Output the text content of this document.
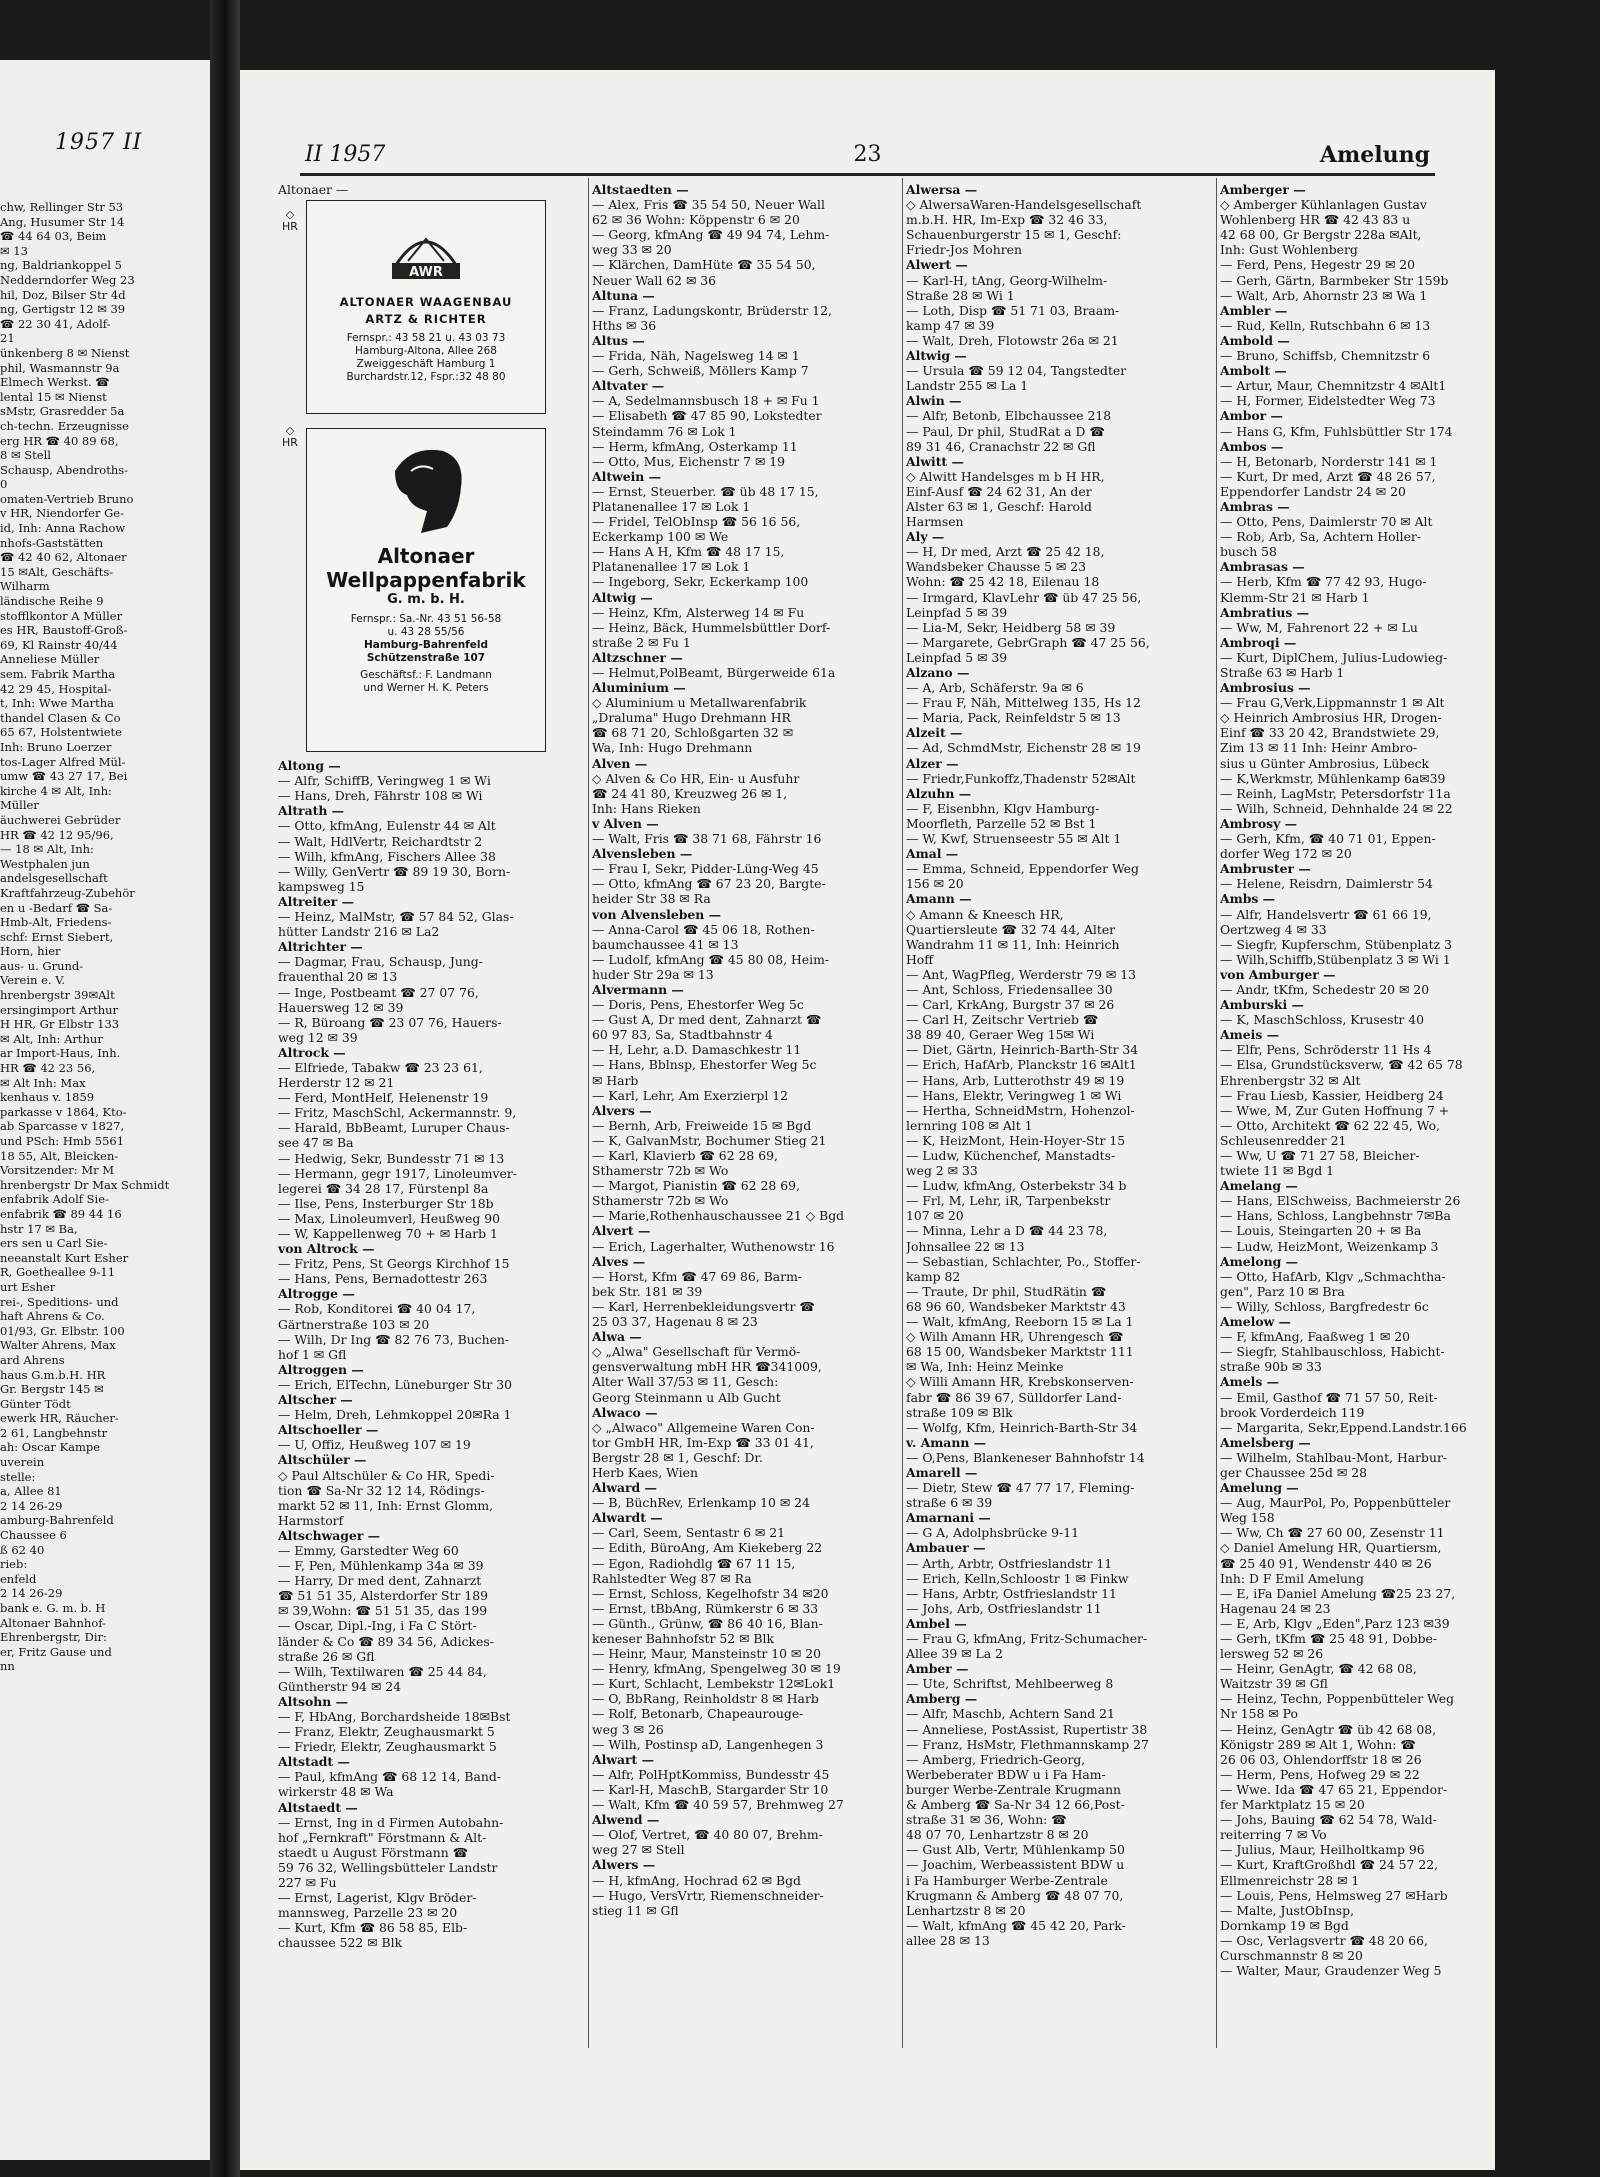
1957 II
chw, Rellinger Str 53
Ang, Husumer Str 14
☎ 44 64 03, Beim
✉ 13
ng, Baldriankoppel 5
Nedderndorfer Weg 23
hil, Doz, Bilser Str 4d
ng, Gertigstr 12 ✉ 39
☎ 22 30 41, Adolf-
21
ünkenberg 8 ✉ Nienst
phil, Wasmannstr 9a
Elmech Werkst. ☎
lental 15 ✉ Nienst
sMstr, Grasredder 5a
ch-techn. Erzeugnisse
erg HR ☎ 40 89 68,
8 ✉ Stell
Schausp, Abendroths-
0
omaten-Vertrieb Bruno
v HR, Niendorfer Ge-
id, Inh: Anna Rachow
nhofs-Gaststätten
☎ 42 40 62, Altonaer
15 ✉Alt, Geschäfts-
Wilharm
ländische Reihe 9
stofflkontor A Müller
es HR, Baustoff-Groß-
69, Kl Rainstr 40/44
Anneliese Müller
sem. Fabrik Martha
42 29 45, Hospital-
t, Inh: Wwe Martha
thandel Clasen & Co
65 67, Holstentwiete
Inh: Bruno Loerzer
tos-Lager Alfred Mül-
umw ☎ 43 27 17, Bei
kirche 4 ✉ Alt, Inh:
Müller
äuchwerei Gebrüder
HR ☎ 42 12 95/96,
— 18 ✉ Alt, Inh:
Westphalen jun
andelsgesellschaft
Kraftfahrzeug-Zubehör
en u -Bedarf ☎ Sa-
Hmb-Alt, Friedens-
schf: Ernst Siebert,
Horn, hier
aus- u. Grund-
Verein e. V.
hrenbergstr 39✉Alt
ersingimport Arthur
H HR, Gr Elbstr 133
✉ Alt, Inh: Arthur
ar Import-Haus, Inh.
HR ☎ 42 23 56,
✉ Alt Inh: Max
kenhaus v. 1859
parkasse v 1864, Kto-
ab Sparcasse v 1827,
und PSch: Hmb 5561
18 55, Alt, Bleicken-
Vorsitzender: Mr M
hrenbergstr Dr Max Schmidt
enfabrik Adolf Sie-
enfabrik ☎ 89 44 16
hstr 17 ✉ Ba,
ers sen u Carl Sie-
neeanstalt Kurt Esher
R, Goetheallee 9-11
urt Esher
rei-, Speditions- und
haft Ahrens & Co.
01/93, Gr. Elbstr. 100
Walter Ahrens, Max
ard Ahrens
haus G.m.b.H. HR
Gr. Bergstr 145 ✉
Günter Tödt
ewerk HR, Räucher-
2 61, Langbehnstr
ah: Oscar Kampe
uverein
stelle:
a, Allee 81
2 14 26-29
amburg-Bahrenfeld
Chaussee 6
ß 62 40
rieb:
enfeld
2 14 26-29
bank e. G. m. b. H
Altonaer Bahnhof-
Ehrenbergstr, Dir:
er, Fritz Gause und
nn
II 1957	23	Amelung
Altonaer —
◇
HR
AWR
ALTONAER WAAGENBAU
ARTZ & RICHTER
Fernspr.: 43 58 21 u. 43 03 73
Hamburg-Altona, Allee 268
Zweiggeschäft Hamburg 1
Burchardstr.12, Fspr.:32 48 80
◇
HR
Altonaer
Wellpappenfabrik
G. m. b. H.
Fernspr.: Sa.-Nr. 43 51 56-58
u. 43 28 55/56
Hamburg-Bahrenfeld
Schützenstraße 107
Geschäftsf.: F. Landmann
und Werner H. K. Peters
Altong —
— Alfr, SchiffB, Veringweg 1 ✉ Wi
— Hans, Dreh, Fährstr 108 ✉ Wi
Altrath —
— Otto, kfmAng, Eulenstr 44 ✉ Alt
— Walt, HdlVertr, Reichardtstr 2
— Wilh, kfmAng, Fischers Allee 38
— Willy, GenVertr ☎ 89 19 30, Born-
kampsweg 15
Altreiter —
— Heinz, MalMstr, ☎ 57 84 52, Glas-
hütter Landstr 216 ✉ La2
Altrichter —
— Dagmar, Frau, Schausp, Jung-
frauenthal 20 ✉ 13
— Inge, Postbeamt ☎ 27 07 76,
Hauersweg 12 ✉ 39
— R, Büroang ☎ 23 07 76, Hauers-
weg 12 ✉ 39
Altrock —
— Elfriede, Tabakw ☎ 23 23 61,
Herderstr 12 ✉ 21
— Ferd, MontHelf, Helenenstr 19
— Fritz, MaschSchl, Ackermannstr. 9,
— Harald, BbBeamt, Luruper Chaus-
see 47 ✉ Ba
— Hedwig, Sekr, Bundesstr 71 ✉ 13
— Hermann, gegr 1917, Linoleumver-
legerei ☎ 34 28 17, Fürstenpl 8a
— Ilse, Pens, Insterburger Str 18b
— Max, Linoleumverl, Heußweg 90
— W, Kappellenweg 70 + ✉ Harb 1
von Altrock —
— Fritz, Pens, St Georgs Kirchhof 15
— Hans, Pens, Bernadottestr 263
Altrogge —
— Rob, Konditorei ☎ 40 04 17,
Gärtnerstraße 103 ✉ 20
— Wilh, Dr Ing ☎ 82 76 73, Buchen-
hof 1 ✉ Gfl
Altroggen —
— Erich, ElTechn, Lüneburger Str 30
Altscher —
— Helm, Dreh, Lehmkoppel 20✉Ra 1
Altschoeller —
— U, Offiz, Heußweg 107 ✉ 19
Altschüler —
◇ Paul Altschüler & Co HR, Spedi-
tion ☎ Sa-Nr 32 12 14, Rödings-
markt 52 ✉ 11, Inh: Ernst Glomm,
Harmstorf
Altschwager —
— Emmy, Garstedter Weg 60
— F, Pen, Mühlenkamp 34a ✉ 39
— Harry, Dr med dent, Zahnarzt
☎ 51 51 35, Alsterdorfer Str 189
✉ 39,Wohn: ☎ 51 51 35, das 199
— Oscar, Dipl.-Ing, i Fa C Stört-
länder & Co ☎ 89 34 56, Adickes-
straße 26 ✉ Gfl
— Wilh, Textilwaren ☎ 25 44 84,
Güntherstr 94 ✉ 24
Altsohn —
— F, HbAng, Borchardsheide 18✉Bst
— Franz, Elektr, Zeughausmarkt 5
— Friedr, Elektr, Zeughausmarkt 5
Altstadt —
— Paul, kfmAng ☎ 68 12 14, Band-
wirkerstr 48 ✉ Wa
Altstaedt —
— Ernst, Ing in d Firmen Autobahn-
hof „Fernkraft" Förstmann & Alt-
staedt u August Förstmann ☎
59 76 32, Wellingsbütteler Landstr
227 ✉ Fu
— Ernst, Lagerist, Klgv Bröder-
mannsweg, Parzelle 23 ✉ 20
— Kurt, Kfm ☎ 86 58 85, Elb-
chaussee 522 ✉ Blk
Altstaedten —
— Alex, Fris ☎ 35 54 50, Neuer Wall
62 ✉ 36 Wohn: Köppenstr 6 ✉ 20
— Georg, kfmAng ☎ 49 94 74, Lehm-
weg 33 ✉ 20
— Klärchen, DamHüte ☎ 35 54 50,
Neuer Wall 62 ✉ 36
Altuna —
— Franz, Ladungskontr, Brüderstr 12,
Hths ✉ 36
Altus —
— Frida, Näh, Nagelsweg 14 ✉ 1
— Gerh, Schweiß, Möllers Kamp 7
Altvater —
— A, Sedelmannsbusch 18 + ✉ Fu 1
— Elisabeth ☎ 47 85 90, Lokstedter
Steindamm 76 ✉ Lok 1
— Herm, kfmAng, Osterkamp 11
— Otto, Mus, Eichenstr 7 ✉ 19
Altwein —
— Ernst, Steuerber. ☎ üb 48 17 15,
Platanenallee 17 ✉ Lok 1
— Fridel, TelObInsp ☎ 56 16 56,
Eckerkamp 100 ✉ We
— Hans A H, Kfm ☎ 48 17 15,
Platanenallee 17 ✉ Lok 1
— Ingeborg, Sekr, Eckerkamp 100
Altwig —
— Heinz, Kfm, Alsterweg 14 ✉ Fu
— Heinz, Bäck, Hummelsbüttler Dorf-
straße 2 ✉ Fu 1
Altzschner —
— Helmut,PolBeamt, Bürgerweide 61a
Aluminium —
◇ Aluminium u Metallwarenfabrik
„Draluma" Hugo Drehmann HR
☎ 68 71 20, Schloßgarten 32 ✉
Wa, Inh: Hugo Drehmann
Alven —
◇ Alven & Co HR, Ein- u Ausfuhr
☎ 24 41 80, Kreuzweg 26 ✉ 1,
Inh: Hans Rieken
v Alven —
— Walt, Fris ☎ 38 71 68, Fährstr 16
Alvensleben —
— Frau I, Sekr, Pidder-Lüng-Weg 45
— Otto, kfmAng ☎ 67 23 20, Bargte-
heider Str 38 ✉ Ra
von Alvensleben —
— Anna-Carol ☎ 45 06 18, Rothen-
baumchaussee 41 ✉ 13
— Ludolf, kfmAng ☎ 45 80 08, Heim-
huder Str 29a ✉ 13
Alvermann —
— Doris, Pens, Ehestorfer Weg 5c
— Gust A, Dr med dent, Zahnarzt ☎
60 97 83, Sa, Stadtbahnstr 4
— H, Lehr, a.D. Damaschkestr 11
— Hans, Bblnsp, Ehestorfer Weg 5c
✉ Harb
— Karl, Lehr, Am Exerzierpl 12
Alvers —
— Bernh, Arb, Freiweide 15 ✉ Bgd
— K, GalvanMstr, Bochumer Stieg 21
— Karl, Klavierb ☎ 62 28 69,
Sthamerstr 72b ✉ Wo
— Margot, Pianistin ☎ 62 28 69,
Sthamerstr 72b ✉ Wo
— Marie,Rothenhauschaussee 21 ◇ Bgd
Alvert —
— Erich, Lagerhalter, Wuthenowstr 16
Alves —
— Horst, Kfm ☎ 47 69 86, Barm-
bek Str. 181 ✉ 39
— Karl, Herrenbekleidungsvertr ☎
25 03 37, Hagenau 8 ✉ 23
Alwa —
◇ „Alwa" Gesellschaft für Vermö-
gensverwaltung mbH HR ☎341009,
Alter Wall 37/53 ✉ 11, Gesch:
Georg Steinmann u Alb Gucht
Alwaco —
◇ „Alwaco" Allgemeine Waren Con-
tor GmbH HR, Im-Exp ☎ 33 01 41,
Bergstr 28 ✉ 1, Geschf: Dr.
Herb Kaes, Wien
Alward —
— B, BüchRev, Erlenkamp 10 ✉ 24
Alwardt —
— Carl, Seem, Sentastr 6 ✉ 21
— Edith, BüroAng, Am Kiekeberg 22
— Egon, Radiohdlg ☎ 67 11 15,
Rahlstedter Weg 87 ✉ Ra
— Ernst, Schloss, Kegelhofstr 34 ✉20
— Ernst, tBbAng, Rümkerstr 6 ✉ 33
— Günth., Grünw, ☎ 86 40 16, Blan-
keneser Bahnhofstr 52 ✉ Blk
— Heinr, Maur, Mansteinstr 10 ✉ 20
— Henry, kfmAng, Spengelweg 30 ✉ 19
— Kurt, Schlacht, Lembekstr 12✉Lok1
— O, BbRang, Reinholdstr 8 ✉ Harb
— Rolf, Betonarb, Chapeaurouge-
weg 3 ✉ 26
— Wilh, Postinsp aD, Langenhegen 3
Alwart —
— Alfr, PolHptKommiss, Bundesstr 45
— Karl-H, MaschB, Stargarder Str 10
— Walt, Kfm ☎ 40 59 57, Brehmweg 27
Alwend —
— Olof, Vertret, ☎ 40 80 07, Brehm-
weg 27 ✉ Stell
Alwers —
— H, kfmAng, Hochrad 62 ✉ Bgd
— Hugo, VersVrtr, Riemenschneider-
stieg 11 ✉ Gfl
Alwersa —
◇ AlwersaWaren-Handelsgesellschaft
m.b.H. HR, Im-Exp ☎ 32 46 33,
Schauenburgerstr 15 ✉ 1, Geschf:
Friedr-Jos Mohren
Alwert —
— Karl-H, tAng, Georg-Wilhelm-
Straße 28 ✉ Wi 1
— Loth, Disp ☎ 51 71 03, Braam-
kamp 47 ✉ 39
— Walt, Dreh, Flotowstr 26a ✉ 21
Altwig —
— Ursula ☎ 59 12 04, Tangstedter
Landstr 255 ✉ La 1
Alwin —
— Alfr, Betonb, Elbchaussee 218
— Paul, Dr phil, StudRat a D ☎
89 31 46, Cranachstr 22 ✉ Gfl
Alwitt —
◇ Alwitt Handelsges m b H HR,
Einf-Ausf ☎ 24 62 31, An der
Alster 63 ✉ 1, Geschf: Harold
Harmsen
Aly —
— H, Dr med, Arzt ☎ 25 42 18,
Wandsbeker Chausse 5 ✉ 23
Wohn: ☎ 25 42 18, Eilenau 18
— Irmgard, KlavLehr ☎ üb 47 25 56,
Leinpfad 5 ✉ 39
— Lia-M, Sekr, Heidberg 58 ✉ 39
— Margarete, GebrGraph ☎ 47 25 56,
Leinpfad 5 ✉ 39
Alzano —
— A, Arb, Schäferstr. 9a ✉ 6
— Frau F, Näh, Mittelweg 135, Hs 12
— Maria, Pack, Reinfeldstr 5 ✉ 13
Alzeit —
— Ad, SchmdMstr, Eichenstr 28 ✉ 19
Alzer —
— Friedr,Funkoffz,Thadenstr 52✉Alt
Alzuhn —
— F, Eisenbhn, Klgv Hamburg-
Moorfleth, Parzelle 52 ✉ Bst 1
— W, Kwf, Struenseestr 55 ✉ Alt 1
Amal —
— Emma, Schneid, Eppendorfer Weg
156 ✉ 20
Amann —
◇ Amann & Kneesch HR,
Quartiersleute ☎ 32 74 44, Alter
Wandrahm 11 ✉ 11, Inh: Heinrich
Hoff
— Ant, WagPfleg, Werderstr 79 ✉ 13
— Ant, Schloss, Friedensallee 30
— Carl, KrkAng, Burgstr 37 ✉ 26
— Carl H, Zeitschr Vertrieb ☎
38 89 40, Geraer Weg 15✉ Wi
— Diet, Gärtn, Heinrich-Barth-Str 34
— Erich, HafArb, Planckstr 16 ✉Alt1
— Hans, Arb, Lutterothstr 49 ✉ 19
— Hans, Elektr, Veringweg 1 ✉ Wi
— Hertha, SchneidMstrn, Hohenzol-
lernring 108 ✉ Alt 1
— K, HeizMont, Hein-Hoyer-Str 15
— Ludw, Küchenchef, Manstadts-
weg 2 ✉ 33
— Ludw, kfmAng, Osterbekstr 34 b
— Frl, M, Lehr, iR, Tarpenbekstr
107 ✉ 20
— Minna, Lehr a D ☎ 44 23 78,
Johnsallee 22 ✉ 13
— Sebastian, Schlachter, Po., Stoffer-
kamp 82
— Traute, Dr phil, StudRätin ☎
68 96 60, Wandsbeker Marktstr 43
— Walt, kfmAng, Reeborn 15 ✉ La 1
◇ Wilh Amann HR, Uhrengesch ☎
68 15 00, Wandsbeker Marktstr 111
✉ Wa, Inh: Heinz Meinke
◇ Willi Amann HR, Krebskonserven-
fabr ☎ 86 39 67, Sülldorfer Land-
straße 109 ✉ Blk
— Wolfg, Kfm, Heinrich-Barth-Str 34
v. Amann —
— O,Pens, Blankeneser Bahnhofstr 14
Amarell —
— Dietr, Stew ☎ 47 77 17, Fleming-
straße 6 ✉ 39
Amarnani —
— G A, Adolphsbrücke 9-11
Ambauer —
— Arth, Arbtr, Ostfrieslandstr 11
— Erich, Kelln,Schloostr 1 ✉ Finkw
— Hans, Arbtr, Ostfrieslandstr 11
— Johs, Arb, Ostfrieslandstr 11
Ambel —
— Frau G, kfmAng, Fritz-Schumacher-
Allee 39 ✉ La 2
Amber —
— Ute, Schriftst, Mehlbeerweg 8
Amberg —
— Alfr, Maschb, Achtern Sand 21
— Anneliese, PostAssist, Rupertistr 38
— Franz, HsMstr, Flethmannskamp 27
— Amberg, Friedrich-Georg,
Werbeberater BDW u i Fa Ham-
burger Werbe-Zentrale Krugmann
& Amberg ☎ Sa-Nr 34 12 66,Post-
straße 31 ✉ 36, Wohn: ☎
48 07 70, Lenhartzstr 8 ✉ 20
— Gust Alb, Vertr, Mühlenkamp 50
— Joachim, Werbeassistent BDW u
i Fa Hamburger Werbe-Zentrale
Krugmann & Amberg ☎ 48 07 70,
Lenhartzstr 8 ✉ 20
— Walt, kfmAng ☎ 45 42 20, Park-
allee 28 ✉ 13
Amberger —
◇ Amberger Kühlanlagen Gustav
Wohlenberg HR ☎ 42 43 83 u
42 68 00, Gr Bergstr 228a ✉Alt,
Inh: Gust Wohlenberg
— Ferd, Pens, Hegestr 29 ✉ 20
— Gerh, Gärtn, Barmbeker Str 159b
— Walt, Arb, Ahornstr 23 ✉ Wa 1
Ambler —
— Rud, Kelln, Rutschbahn 6 ✉ 13
Ambold —
— Bruno, Schiffsb, Chemnitzstr 6
Ambolt —
— Artur, Maur, Chemnitzstr 4 ✉Alt1
— H, Former, Eidelstedter Weg 73
Ambor —
— Hans G, Kfm, Fuhlsbüttler Str 174
Ambos —
— H, Betonarb, Norderstr 141 ✉ 1
— Kurt, Dr med, Arzt ☎ 48 26 57,
Eppendorfer Landstr 24 ✉ 20
Ambras —
— Otto, Pens, Daimlerstr 70 ✉ Alt
— Rob, Arb, Sa, Achtern Holler-
busch 58
Ambrasas —
— Herb, Kfm ☎ 77 42 93, Hugo-
Klemm-Str 21 ✉ Harb 1
Ambratius —
— Ww, M, Fahrenort 22 + ✉ Lu
Ambroqi —
— Kurt, DiplChem, Julius-Ludowieg-
Straße 63 ✉ Harb 1
Ambrosius —
— Frau G,Verk,Lippmannstr 1 ✉ Alt
◇ Heinrich Ambrosius HR, Drogen-
Einf ☎ 33 20 42, Brandstwiete 29,
Zim 13 ✉ 11 Inh: Heinr Ambro-
sius u Günter Ambrosius, Lübeck
— K,Werkmstr, Mühlenkamp 6a✉39
— Reinh, LagMstr, Petersdorfstr 11a
— Wilh, Schneid, Dehnhalde 24 ✉ 22
Ambrosy —
— Gerh, Kfm, ☎ 40 71 01, Eppen-
dorfer Weg 172 ✉ 20
Ambruster —
— Helene, Reisdrn, Daimlerstr 54
Ambs —
— Alfr, Handelsvertr ☎ 61 66 19,
Oertzweg 4 ✉ 33
— Siegfr, Kupferschm, Stübenplatz 3
— Wilh,Schiffb,Stübenplatz 3 ✉ Wi 1
von Amburger —
— Andr, tKfm, Schedestr 20 ✉ 20
Amburski —
— K, MaschSchloss, Krusestr 40
Ameis —
— Elfr, Pens, Schröderstr 11 Hs 4
— Elsa, Grundstücksverw, ☎ 42 65 78
Ehrenbergstr 32 ✉ Alt
— Frau Liesb, Kassier, Heidberg 24
— Wwe, M, Zur Guten Hoffnung 7 +
— Otto, Architekt ☎ 62 22 45, Wo,
Schleusenredder 21
— Ww, U ☎ 71 27 58, Bleicher-
twiete 11 ✉ Bgd 1
Amelang —
— Hans, ElSchweiss, Bachmeierstr 26
— Hans, Schloss, Langbehnstr 7✉Ba
— Louis, Steingarten 20 + ✉ Ba
— Ludw, HeizMont, Weizenkamp 3
Amelong —
— Otto, HafArb, Klgv „Schmachtha-
gen", Parz 10 ✉ Bra
— Willy, Schloss, Bargfredestr 6c
Amelow —
— F, kfmAng, Faaßweg 1 ✉ 20
— Siegfr, Stahlbauschloss, Habicht-
straße 90b ✉ 33
Amels —
— Emil, Gasthof ☎ 71 57 50, Reit-
brook Vorderdeich 119
— Margarita, Sekr,Eppend.Landstr.166
Amelsberg —
— Wilhelm, Stahlbau-Mont, Harbur-
ger Chaussee 25d ✉ 28
Amelung —
— Aug, MaurPol, Po, Poppenbütteler
Weg 158
— Ww, Ch ☎ 27 60 00, Zesenstr 11
◇ Daniel Amelung HR, Quartiersm,
☎ 25 40 91, Wendenstr 440 ✉ 26
Inh: D F Emil Amelung
— E, iFa Daniel Amelung ☎25 23 27,
Hagenau 24 ✉ 23
— E, Arb, Klgv „Eden",Parz 123 ✉39
— Gerh, tKfm ☎ 25 48 91, Dobbe-
lersweg 52 ✉ 26
— Heinr, GenAgtr, ☎ 42 68 08,
Waitzstr 39 ✉ Gfl
— Heinz, Techn, Poppenbütteler Weg
Nr 158 ✉ Po
— Heinz, GenAgtr ☎ üb 42 68 08,
Königstr 289 ✉ Alt 1, Wohn: ☎
26 06 03, Ohlendorffstr 18 ✉ 26
— Herm, Pens, Hofweg 29 ✉ 22
— Wwe. Ida ☎ 47 65 21, Eppendor-
fer Marktplatz 15 ✉ 20
— Johs, Bauing ☎ 62 54 78, Wald-
reiterring 7 ✉ Vo
— Julius, Maur, Heilholtkamp 96
— Kurt, KraftGroßhdl ☎ 24 57 22,
Ellmenreichstr 28 ✉ 1
— Louis, Pens, Helmsweg 27 ✉Harb
— Malte, JustObInsp,
Dornkamp 19 ✉ Bgd
— Osc, Verlagsvertr ☎ 48 20 66,
Curschmannstr 8 ✉ 20
— Walter, Maur, Graudenzer Weg 5
